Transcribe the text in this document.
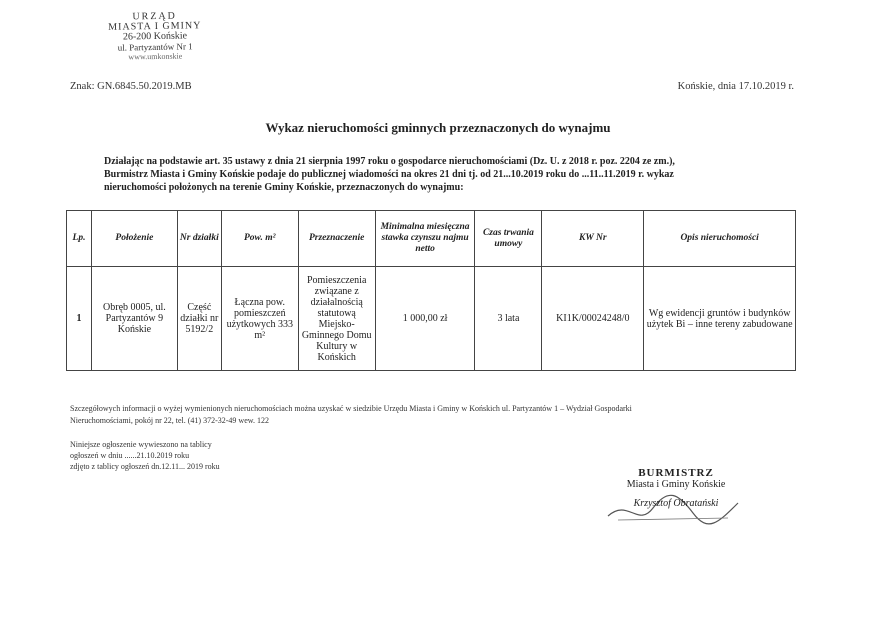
URZĄD
MIASTA I GMINY
26-200 Końskie
ul. Partyzantów Nr 1
www.umkonskie
Znak: GN.6845.50.2019.MB	Końskie, dnia 17.10.2019 r.
Wykaz nieruchomości gminnych przeznaczonych do wynajmu
Działając na podstawie art. 35 ustawy z dnia 21 sierpnia 1997 roku o gospodarce nieruchomościami (Dz. U. z 2018 r. poz. 2204 ze zm.),
Burmistrz Miasta i Gminy Końskie podaje do publicznej wiadomości na okres 21 dni tj. od 21...10.2019 roku do ...11..11.2019 r. wykaz
nieruchomości położonych na terenie Gminy Końskie, przeznaczonych do wynajmu:
Lp.	Położenie	Nr działki	Pow. m²	Przeznaczenie	Minimalna miesięczna stawka czynszu najmu netto	Czas trwania umowy	KW Nr	Opis nieruchomości
1	Obręb 0005, ul. Partyzantów 9 Końskie	Część działki nr 5192/2	Łączna pow. pomieszczeń użytkowych 333 m²	Pomieszczenia związane z działalnością statutową Miejsko-Gminnego Domu Kultury w Końskich	1 000,00 zł	3 lata	KI1K/00024248/0	Wg ewidencji gruntów i budynków użytek Bi – inne tereny zabudowane
Szczegółowych informacji o wyżej wymienionych nieruchomościach można uzyskać w siedzibie Urzędu Miasta i Gminy w Końskich ul. Partyzantów 1 – Wydział Gospodarki
Nieruchomościami, pokój nr 22, tel. (41) 372-32-49 wew. 122
Niniejsze ogłoszenie wywieszono na tablicy
ogłoszeń w dniu ......21.10.2019 roku
zdjęto z tablicy ogłoszeń dn.12.11... 2019 roku
BURMISTRZ
Miasta i Gminy Końskie
Krzysztof Obratański
